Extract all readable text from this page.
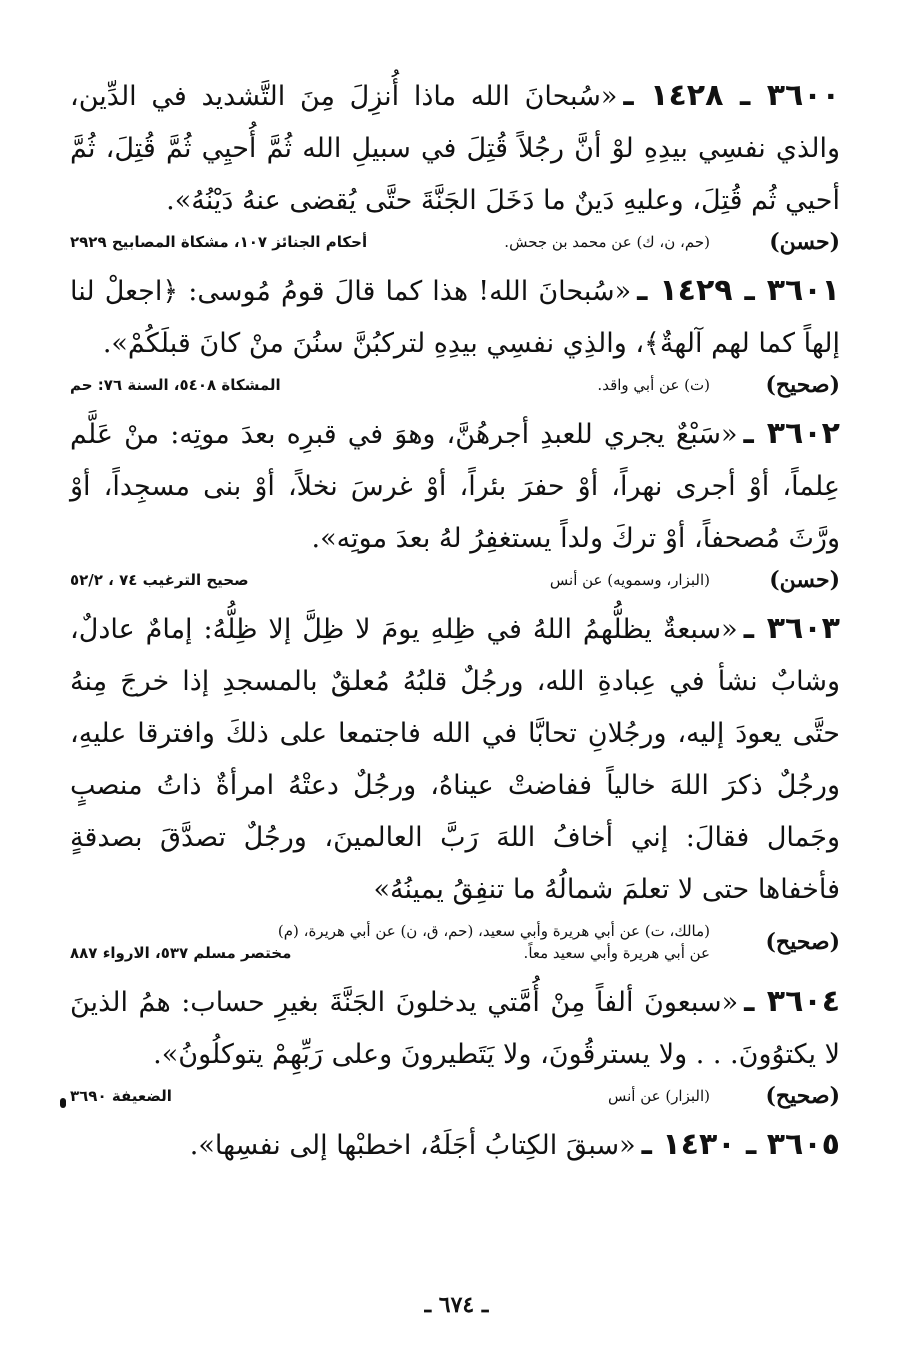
٣٦٠٠ ـ ١٤٢٨ ـ«سُبحانَ الله ماذا أُنزِلَ مِنَ التَّشديد في الدِّين، والذي نفسِي بيدِهِ لوْ أنَّ رجُلاً قُتِلَ في سبيلِ الله ثُمَّ أُحيِي ثُمَّ قُتِلَ، ثُمَّ أحيي ثُم قُتِلَ، وعليهِ دَينٌ ما دَخَلَ الجَنَّةَ حتَّى يُقضى عنهُ دَيْنُهُ».

(حسن)
(حم، ن، ك) عن محمد بن جحش.
أحكام الجنائز ١٠٧، مشكاة المصابيح ٢٩٢٩

٣٦٠١ ـ ١٤٢٩ ـ«سُبحانَ الله! هذا كما قالَ قومُ مُوسى: ﴿اجعلْ لنا إلهاً كما لهم آلهةٌ﴾، والذِي نفسِي بيدِهِ لتركبُنَّ سنُنَ منْ كانَ قبلَكُمْ».

(صحيح)
(ت) عن أبي واقد.
المشكاة ٥٤٠٨، السنة ٧٦: حم

٣٦٠٢ ـ«سَبْعٌ يجري للعبدِ أجرهُنَّ، وهوَ في قبرِه بعدَ موتِه: منْ عَلَّم عِلماً، أوْ أجرى نهراً، أوْ حفرَ بئراً، أوْ غرسَ نخلاً، أوْ بنى مسجِداً، أوْ ورَّثَ مُصحفاً، أوْ تركَ ولداً يستغفِرُ لهُ بعدَ موتِه».

(حسن)
(البزار، وسمويه) عن أنس
صحيح الترغيب ٧٤ ، ٥٢/٢

٣٦٠٣ ـ«سبعةٌ يظلُّهمُ اللهُ في ظِلهِ يومَ لا ظِلَّ إلا ظِلُّهُ: إمامٌ عادلٌ، وشابٌ نشأ في عِبادةِ الله، ورجُلٌ قلبُهُ مُعلقٌ بالمسجدِ إذا خرجَ مِنهُ حتَّى يعودَ إليه، ورجُلانِ تحابَّا في الله فاجتمعا على ذلكَ وافترقا عليهِ، ورجُلٌ ذكرَ اللهَ خالياً ففاضتْ عيناهُ، ورجُلٌ دعتْهُ امرأةٌ ذاتُ منصبٍ وجَمال فقالَ: إني أخافُ اللهَ رَبَّ العالمينَ، ورجُلٌ تصدَّقَ بصدقةٍ فأخفاها حتى لا تعلمَ شمالُهُ ما تنفِقُ يمينُهُ»

(صحيح)
(مالك، ت) عن أبي هريرة وأبي سعيد، (حم، ق، ن) عن أبي هريرة، (م)
عن أبي هريرة وأبي سعيد معاً.
مختصر مسلم ٥٣٧، الارواء ٨٨٧

٣٦٠٤ ـ«سبعونَ ألفاً مِنْ أُمَّتي يدخلونَ الجَنَّةَ بغيرِ حساب: همُ الذينَ لا يكتوُونَ. . . ولا يسترقُونَ، ولا يَتَطيرونَ وعلى رَبِّهِمْ يتوكلُونُ».

(صحيح)
(البزار) عن أنس
الضعيفة ٣٦٩٠

٣٦٠٥ ـ ١٤٣٠ ـ«سبقَ الكِتابُ أجَلَهُ، اخطبْها إلى نفسِها».

ـ ٦٧٤ ـ
